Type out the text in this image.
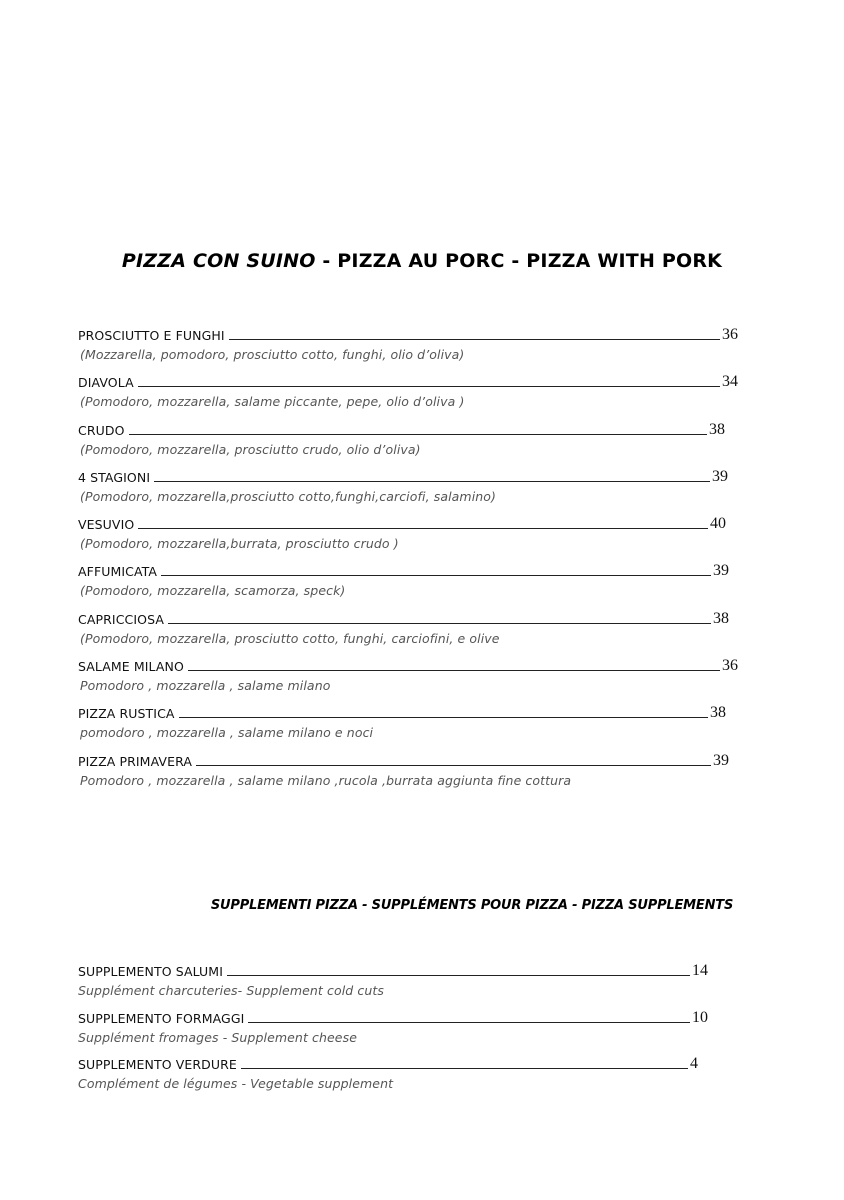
PIZZA CON SUINO - PIZZA AU PORC - PIZZA WITH PORK
PROSCIUTTO E FUNGHI	36
(Mozzarella, pomodoro, prosciutto cotto, funghi, olio d’oliva)
DIAVOLA	34
(Pomodoro, mozzarella, salame piccante, pepe, olio d’oliva )
CRUDO	38
(Pomodoro, mozzarella, prosciutto crudo, olio d’oliva)
4 STAGIONI	39
(Pomodoro, mozzarella,prosciutto cotto,funghi,carciofi, salamino)
VESUVIO	40
(Pomodoro, mozzarella,burrata, prosciutto crudo )
AFFUMICATA	39
(Pomodoro, mozzarella, scamorza, speck)
CAPRICCIOSA	38
(Pomodoro, mozzarella, prosciutto cotto, funghi, carciofini, e olive
SALAME MILANO	36
Pomodoro , mozzarella , salame milano
PIZZA RUSTICA	38
pomodoro , mozzarella , salame milano e noci
PIZZA PRIMAVERA	39
Pomodoro , mozzarella , salame milano ,rucola ,burrata aggiunta fine cottura
SUPPLEMENTI PIZZA - SUPPLÉMENTS POUR PIZZA - PIZZA SUPPLEMENTS
SUPPLEMENTO SALUMI	14
Supplément charcuteries- Supplement cold cuts
SUPPLEMENTO FORMAGGI	10
Supplément fromages - Supplement cheese
SUPPLEMENTO VERDURE	4
Complément de légumes - Vegetable supplement
